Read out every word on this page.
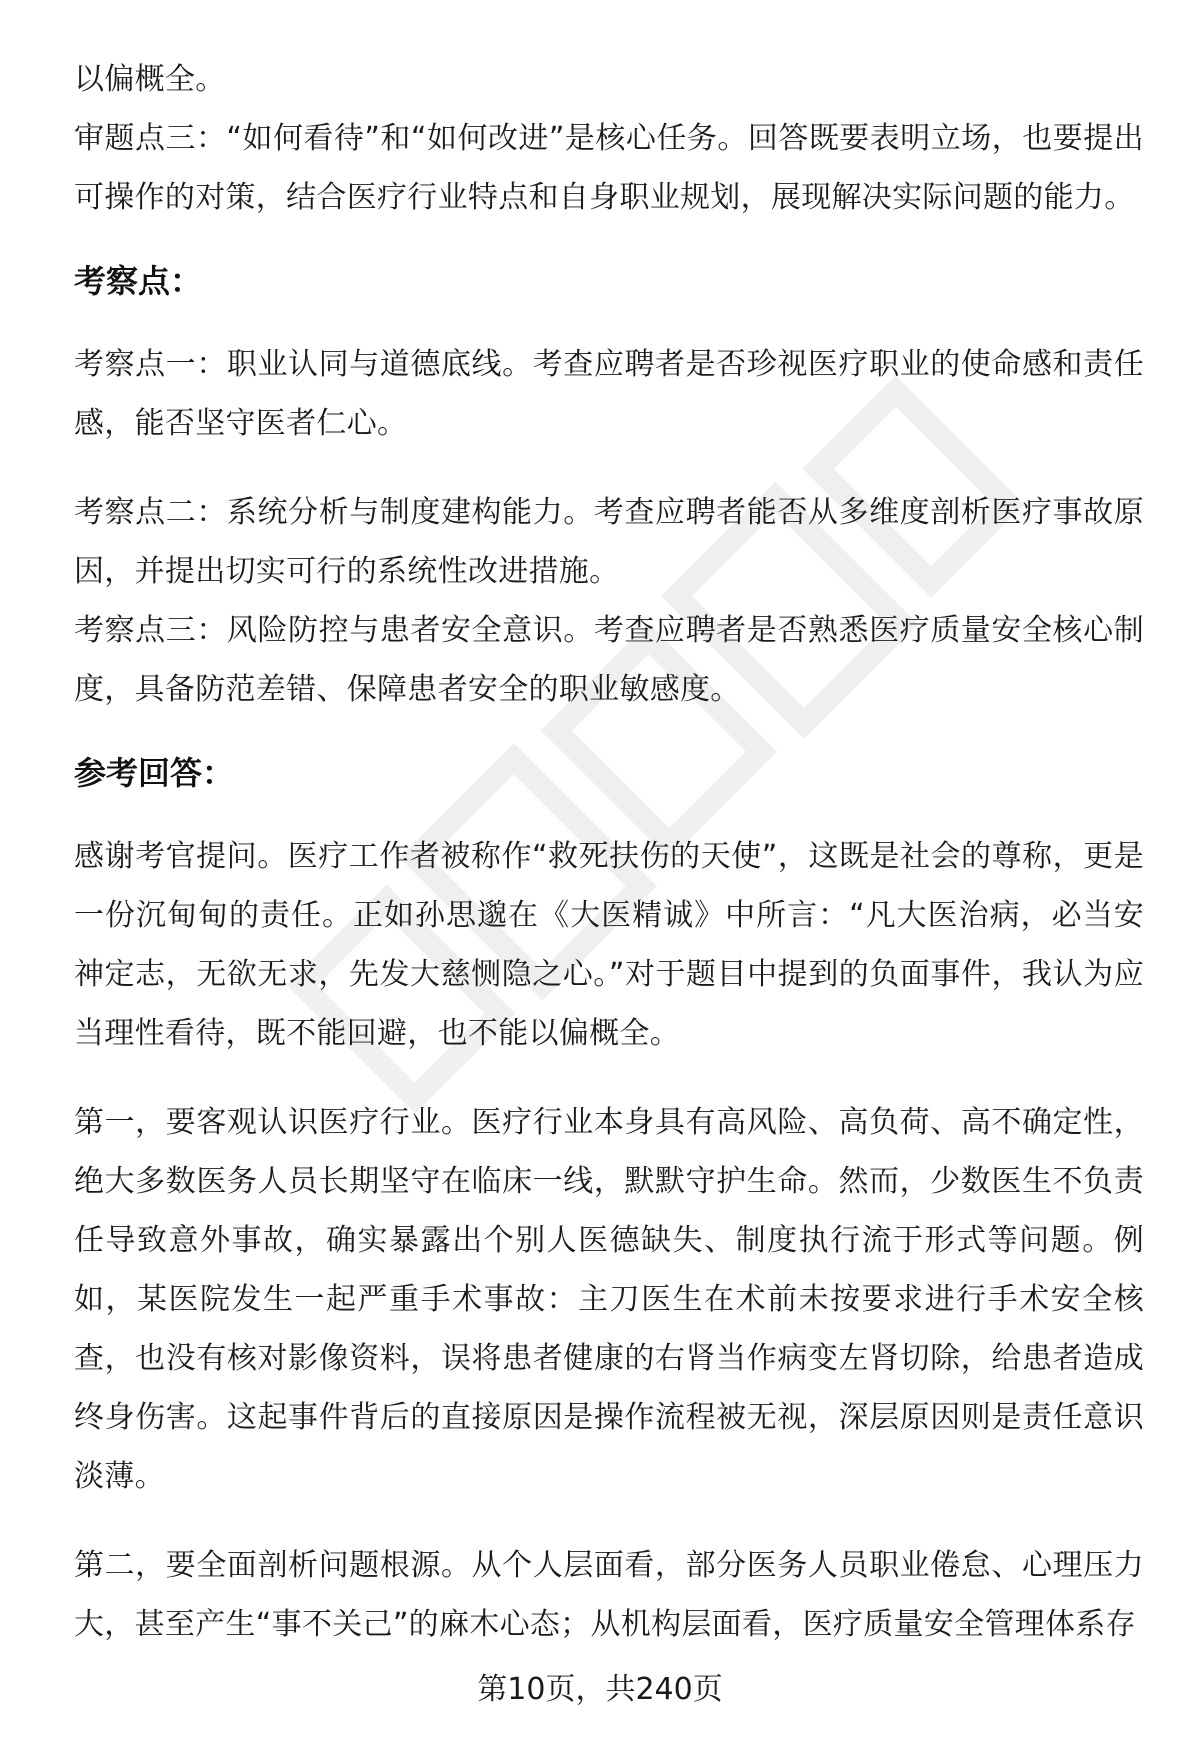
以偏概全。

审题点三：“如何看待”和“如何改进”是核心任务。回答既要表明立场，也要提出可操作的对策，结合医疗行业特点和自身职业规划，展现解决实际问题的能力。

考察点：

考察点一：职业认同与道德底线。考查应聘者是否珍视医疗职业的使命感和责任感，能否坚守医者仁心。

考察点二：系统分析与制度建构能力。考查应聘者能否从多维度剖析医疗事故原因，并提出切实可行的系统性改进措施。

考察点三：风险防控与患者安全意识。考查应聘者是否熟悉医疗质量安全核心制度，具备防范差错、保障患者安全的职业敏感度。

参考回答：

感谢考官提问。医疗工作者被称作“救死扶伤的天使”，这既是社会的尊称，更是一份沉甸甸的责任。正如孙思邈在《大医精诚》中所言：“凡大医治病，必当安神定志，无欲无求，先发大慈恻隐之心。”对于题目中提到的负面事件，我认为应当理性看待，既不能回避，也不能以偏概全。

第一，要客观认识医疗行业。医疗行业本身具有高风险、高负荷、高不确定性，绝大多数医务人员长期坚守在临床一线，默默守护生命。然而，少数医生不负责任导致意外事故，确实暴露出个别人医德缺失、制度执行流于形式等问题。例如，某医院发生一起严重手术事故：主刀医生在术前未按要求进行手术安全核查，也没有核对影像资料，误将患者健康的右肾当作病变左肾切除，给患者造成终身伤害。这起事件背后的直接原因是操作流程被无视，深层原因则是责任意识淡薄。

第二，要全面剖析问题根源。从个人层面看，部分医务人员职业倦怠、心理压力大，甚至产生“事不关己”的麻木心态；从机构层面看，医疗质量安全管理体系存

第10页，共240页
